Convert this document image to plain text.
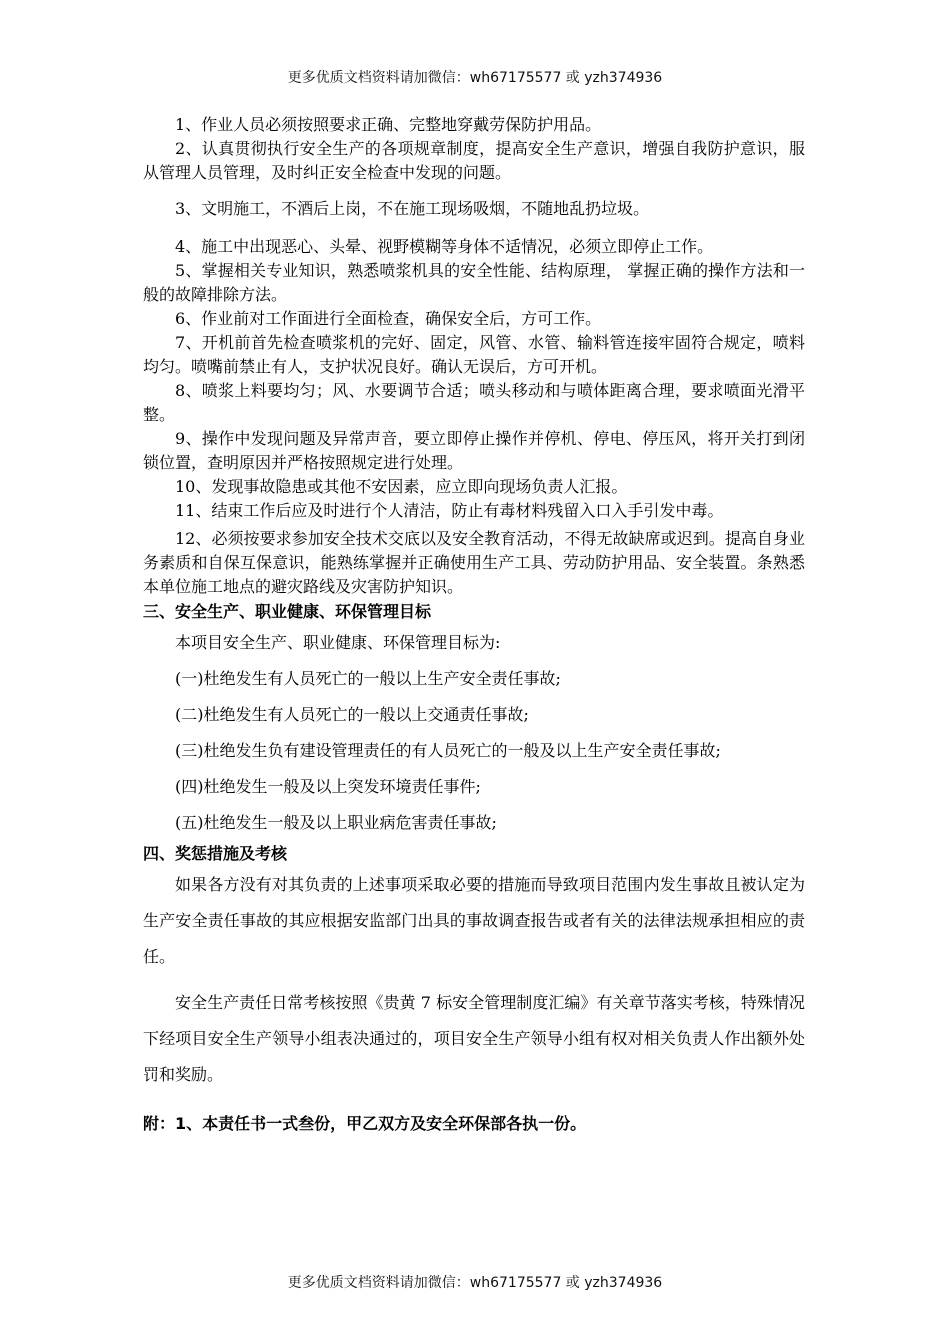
更多优质文档资料请加微信：wh67175577 或 yzh374936

1、作业人员必须按照要求正确、完整地穿戴劳保防护用品。

2、认真贯彻执行安全生产的各项规章制度，提高安全生产意识，增强自我防护意识，服从管理人员管理，及时纠正安全检查中发现的问题。

3、文明施工，不酒后上岗，不在施工现场吸烟，不随地乱扔垃圾。

4、施工中出现恶心、头晕、视野模糊等身体不适情况，必须立即停止工作。

5、掌握相关专业知识，熟悉喷浆机具的安全性能、结构原理， 掌握正确的操作方法和一般的故障排除方法。

6、作业前对工作面进行全面检查，确保安全后，方可工作。

7、开机前首先检查喷浆机的完好、固定，风管、水管、输料管连接牢固符合规定，喷料均匀。喷嘴前禁止有人，支护状况良好。确认无误后，方可开机。

8、喷浆上料要均匀；风、水要调节合适；喷头移动和与喷体距离合理，要求喷面光滑平整。

9、操作中发现问题及异常声音，要立即停止操作并停机、停电、停压风，将开关打到闭锁位置，查明原因并严格按照规定进行处理。

10、发现事故隐患或其他不安因素，应立即向现场负责人汇报。

11、结束工作后应及时进行个人清洁，防止有毒材料残留入口入手引发中毒。

12、必须按要求参加安全技术交底以及安全教育活动，不得无故缺席或迟到。提高自身业务素质和自保互保意识，能熟练掌握并正确使用生产工具、劳动防护用品、安全装置。条熟悉本单位施工地点的避灾路线及灾害防护知识。

三、安全生产、职业健康、环保管理目标

本项目安全生产、职业健康、环保管理目标为:

(一)杜绝发生有人员死亡的一般以上生产安全责任事故;

(二)杜绝发生有人员死亡的一般以上交通责任事故;

(三)杜绝发生负有建设管理责任的有人员死亡的一般及以上生产安全责任事故;

(四)杜绝发生一般及以上突发环境责任事件;

(五)杜绝发生一般及以上职业病危害责任事故;

四、奖惩措施及考核

如果各方没有对其负责的上述事项采取必要的措施而导致项目范围内发生事故且被认定为生产安全责任事故的其应根据安监部门出具的事故调查报告或者有关的法律法规承担相应的责任。

安全生产责任日常考核按照《贵黄 7 标安全管理制度汇编》有关章节落实考核，特殊情况下经项目安全生产领导小组表决通过的，项目安全生产领导小组有权对相关负责人作出额外处罚和奖励。

附：1、本责任书一式叁份，甲乙双方及安全环保部各执一份。
更多优质文档资料请加微信：wh67175577 或 yzh374936
